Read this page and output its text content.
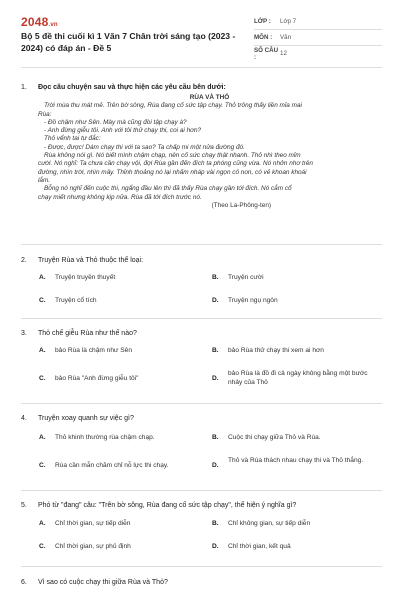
2048.vn
Bộ 5 đề thi cuối kì 1 Văn 7 Chân trời sáng tạo (2023 - 2024) có đáp án - Đề 5
LỚP :	Lớp 7
MÔN :	Văn
SỐ CÂU :	12
1. Đọc câu chuyện sau và thực hiện các yêu cầu bên dưới:
RÙA VÀ THỎ
Trời mùa thu mát mẻ. Trên bờ sông, Rùa đang cố sức tập chạy. Thỏ trông thấy liền mỉa mai
Rùa:
- Đồ chậm như Sên. Mày mà cũng đòi tập chạy à?
- Anh đừng giễu tôi. Anh với tôi thử chạy thi, coi ai hơn?
Thỏ vểnh tai tự đắc:
- Được, được! Dám chạy thi với ta sao? Ta chấp mi một nửa đường đó.
Rùa không nói gì. Nó biết mình chậm chạp, nên cố sức chạy thật nhanh. Thỏ nhì theo mỉm
cười. Nó nghĩ: Ta chưa cần chạy vội, đợi Rùa gần đến đích ta phóng cũng vừa. Nó nhởn nhơ trên
đường, nhìn trời, nhìn mây. Thỉnh thoảng nó lại nhấm nháp vài ngọn cỏ non, có vẻ khoan khoái
lắm.
Bỗng nó nghĩ đến cuộc thi, ngẩng đầu lên thì đã thấy Rùa chạy gần tới đích. Nó cắm cổ
chạy miết nhưng không kịp nữa. Rùa đã tới đích trước nó.
(Theo La-Phông-ten)
2. Truyện Rùa và Thỏ thuộc thể loại:
A. Truyện truyền thuyết	B. Truyện cười
C. Truyện cổ tích	D. Truyện ngụ ngôn
3. Thỏ chế giễu Rùa như thế nào?
A. bảo Rùa là chậm như Sên	B. bảo Rùa thử chạy thi xem ai hơn
C. bảo Rùa "Anh đừng giễu tôi"	D.
bảo Rùa là đồ đi cả ngày không bằng một bước nhảy của Thỏ
4. Truyện xoay quanh sự việc gì?
A. Thỏ khinh thường rùa chậm chạp.	B. Cuộc thi chạy giữa Thỏ và Rùa.
C. Rùa cần mẫn chăm chỉ nỗ lực thi chạy.	D.
Thỏ và Rùa thách nhau chạy thi và Thỏ thắng.
5. Phó từ "đang" câu: "Trên bờ sông, Rùa đang cố sức tập chạy", thể hiện ý nghĩa gì?
A. Chỉ thời gian, sự tiếp diễn	B. Chỉ không gian, sự tiếp diễn
C. Chỉ thời gian, sự phủ định	D. Chỉ thời gian, kết quả
6. Vì sao có cuộc chạy thi giữa Rùa và Thỏ?
